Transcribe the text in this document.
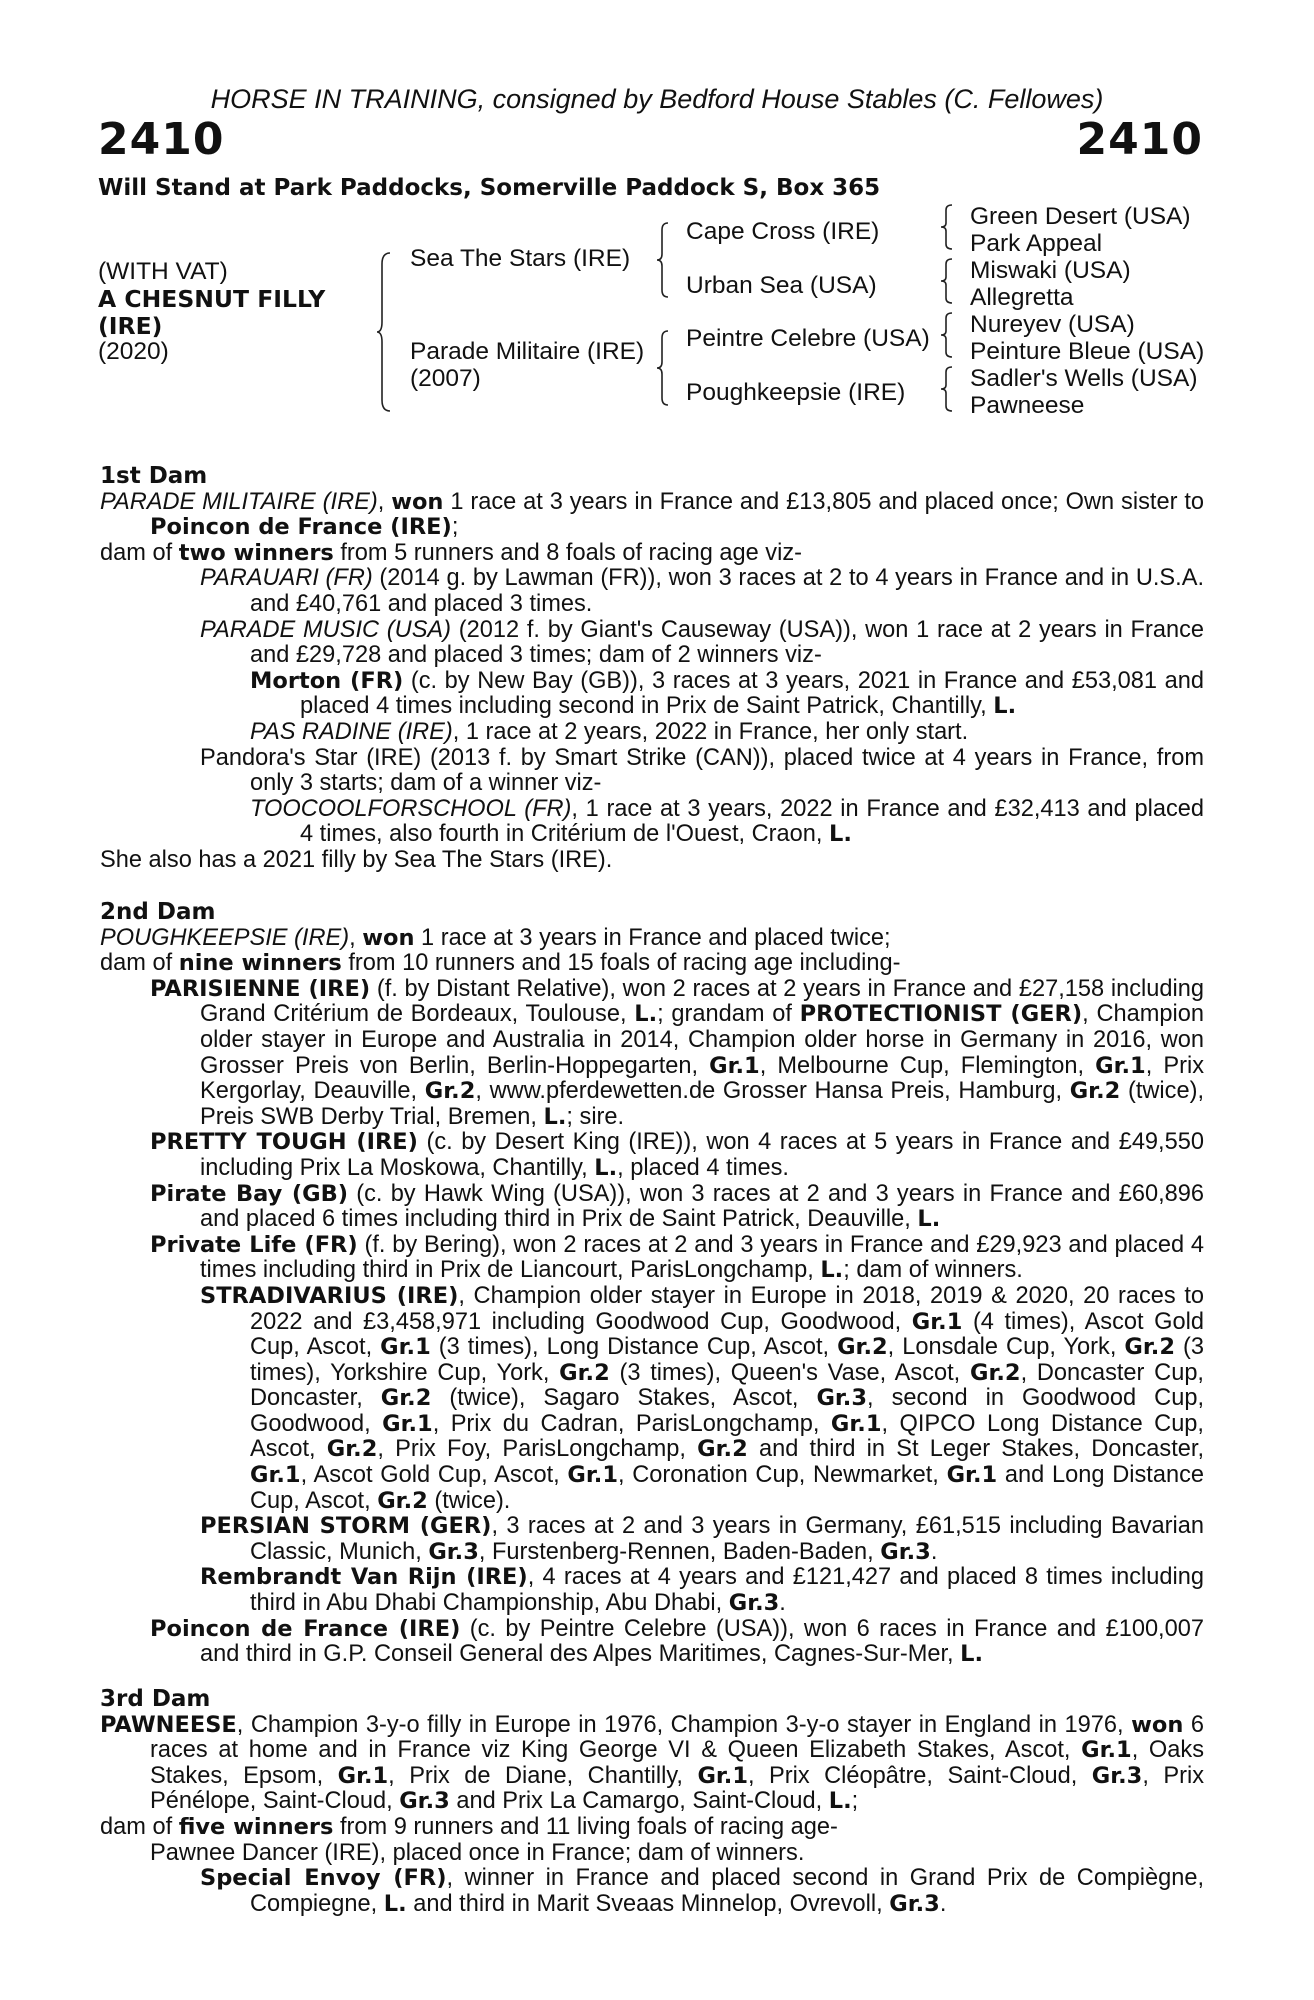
HORSE IN TRAINING, consigned by Bedford House Stables (C. Fellowes)
2410	2410
Will Stand at Park Paddocks, Somerville Paddock S, Box 365
(WITH VAT)
A CHESNUT FILLY
(IRE)
(2020)
Sea The Stars (IRE)
Parade Militaire (IRE)
(2007)
Cape Cross (IRE)
Urban Sea (USA)
Peintre Celebre (USA)
Poughkeepsie (IRE)
Green Desert (USA)
Park Appeal
Miswaki (USA)
Allegretta
Nureyev (USA)
Peinture Bleue (USA)
Sadler's Wells (USA)
Pawneese
1st Dam
PARADE MILITAIRE (IRE), won 1 race at 3 years in France and £13,805 and placed once; Own sister to Poincon de France (IRE);
dam of two winners from 5 runners and 8 foals of racing age viz-
PARAUARI (FR) (2014 g. by Lawman (FR)), won 3 races at 2 to 4 years in France and in U.S.A. and £40,761 and placed 3 times.
PARADE MUSIC (USA) (2012 f. by Giant's Causeway (USA)), won 1 race at 2 years in France and £29,728 and placed 3 times; dam of 2 winners viz-
Morton (FR) (c. by New Bay (GB)), 3 races at 3 years, 2021 in France and £53,081 and placed 4 times including second in Prix de Saint Patrick, Chantilly, L.
PAS RADINE (IRE), 1 race at 2 years, 2022 in France, her only start.
Pandora's Star (IRE) (2013 f. by Smart Strike (CAN)), placed twice at 4 years in France, from only 3 starts; dam of a winner viz-
TOOCOOLFORSCHOOL (FR), 1 race at 3 years, 2022 in France and £32,413 and placed 4 times, also fourth in Critérium de l'Ouest, Craon, L.
She also has a 2021 filly by Sea The Stars (IRE).
2nd Dam
POUGHKEEPSIE (IRE), won 1 race at 3 years in France and placed twice;
dam of nine winners from 10 runners and 15 foals of racing age including-
PARISIENNE (IRE) (f. by Distant Relative), won 2 races at 2 years in France and £27,158 including Grand Critérium de Bordeaux, Toulouse, L.; grandam of PROTECTIONIST (GER), Champion older stayer in Europe and Australia in 2014, Champion older horse in Germany in 2016, won Grosser Preis von Berlin, Berlin-Hoppegarten, Gr.1, Melbourne Cup, Flemington, Gr.1, Prix Kergorlay, Deauville, Gr.2, www.pferdewetten.de Grosser Hansa Preis, Hamburg, Gr.2 (twice), Preis SWB Derby Trial, Bremen, L.; sire.
PRETTY TOUGH (IRE) (c. by Desert King (IRE)), won 4 races at 5 years in France and £49,550 including Prix La Moskowa, Chantilly, L., placed 4 times.
Pirate Bay (GB) (c. by Hawk Wing (USA)), won 3 races at 2 and 3 years in France and £60,896 and placed 6 times including third in Prix de Saint Patrick, Deauville, L.
Private Life (FR) (f. by Bering), won 2 races at 2 and 3 years in France and £29,923 and placed 4 times including third in Prix de Liancourt, ParisLongchamp, L.; dam of winners.
STRADIVARIUS (IRE), Champion older stayer in Europe in 2018, 2019 & 2020, 20 races to 2022 and £3,458,971 including Goodwood Cup, Goodwood, Gr.1 (4 times), Ascot Gold Cup, Ascot, Gr.1 (3 times), Long Distance Cup, Ascot, Gr.2, Lonsdale Cup, York, Gr.2 (3 times), Yorkshire Cup, York, Gr.2 (3 times), Queen's Vase, Ascot, Gr.2, Doncaster Cup, Doncaster, Gr.2 (twice), Sagaro Stakes, Ascot, Gr.3, second in Goodwood Cup, Goodwood, Gr.1, Prix du Cadran, ParisLongchamp, Gr.1, QIPCO Long Distance Cup, Ascot, Gr.2, Prix Foy, ParisLongchamp, Gr.2 and third in St Leger Stakes, Doncaster, Gr.1, Ascot Gold Cup, Ascot, Gr.1, Coronation Cup, Newmarket, Gr.1 and Long Distance Cup, Ascot, Gr.2 (twice).
PERSIAN STORM (GER), 3 races at 2 and 3 years in Germany, £61,515 including Bavarian Classic, Munich, Gr.3, Furstenberg-Rennen, Baden-Baden, Gr.3.
Rembrandt Van Rijn (IRE), 4 races at 4 years and £121,427 and placed 8 times including third in Abu Dhabi Championship, Abu Dhabi, Gr.3.
Poincon de France (IRE) (c. by Peintre Celebre (USA)), won 6 races in France and £100,007 and third in G.P. Conseil General des Alpes Maritimes, Cagnes-Sur-Mer, L.
3rd Dam
PAWNEESE, Champion 3-y-o filly in Europe in 1976, Champion 3-y-o stayer in England in 1976, won 6 races at home and in France viz King George VI & Queen Elizabeth Stakes, Ascot, Gr.1, Oaks Stakes, Epsom, Gr.1, Prix de Diane, Chantilly, Gr.1, Prix Cléopâtre, Saint-Cloud, Gr.3, Prix Pénélope, Saint-Cloud, Gr.3 and Prix La Camargo, Saint-Cloud, L.;
dam of five winners from 9 runners and 11 living foals of racing age-
Pawnee Dancer (IRE), placed once in France; dam of winners.
Special Envoy (FR), winner in France and placed second in Grand Prix de Compiègne, Compiegne, L. and third in Marit Sveaas Minnelop, Ovrevoll, Gr.3.
